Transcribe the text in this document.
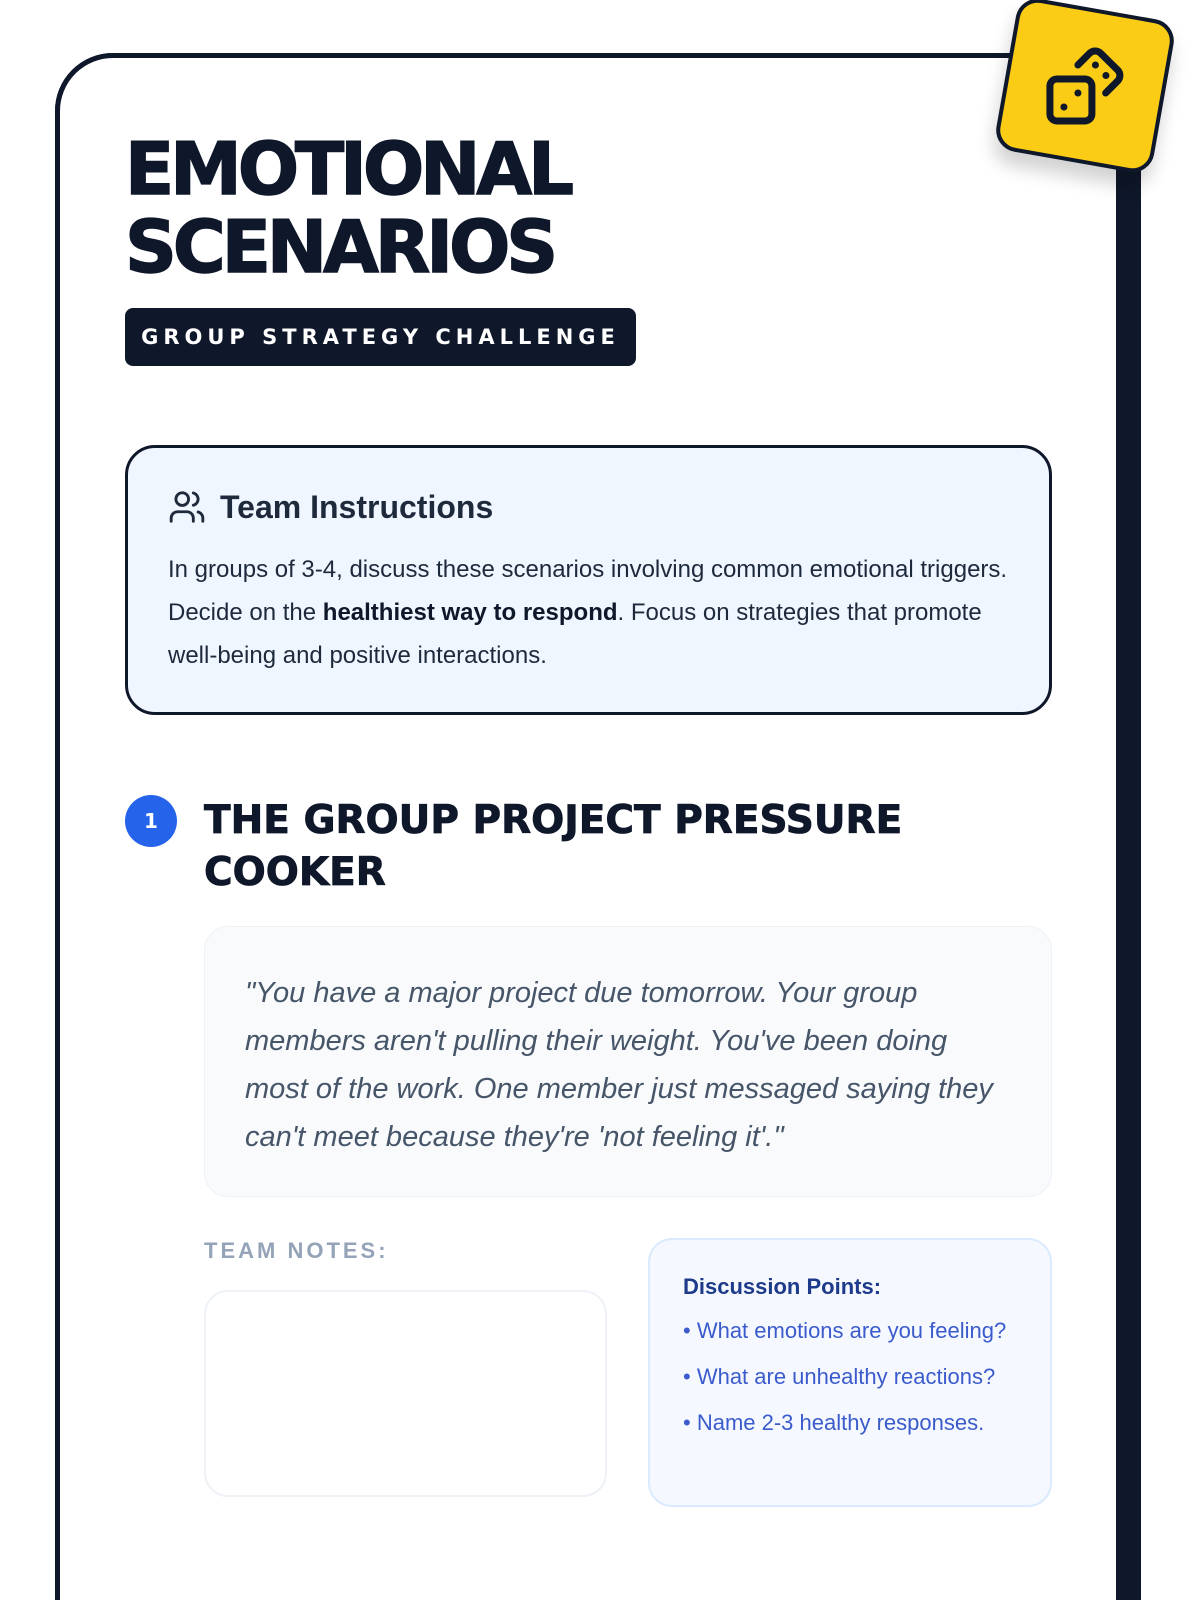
EMOTIONAL
SCENARIOS
GROUP STRATEGY CHALLENGE
Team Instructions

In groups of 3-4, discuss these scenarios involving common emotional triggers. Decide on the healthiest way to respond. Focus on strategies that promote well-being and positive interactions.

1	THE GROUP PROJECT PRESSURE COOKER
"You have a major project due tomorrow. Your group members aren't pulling their weight. You've been doing most of the work. One member just messaged saying they can't meet because they're 'not feeling it'."
TEAM NOTES:
Discussion Points:
• What emotions are you feeling?
• What are unhealthy reactions?
• Name 2-3 healthy responses.
